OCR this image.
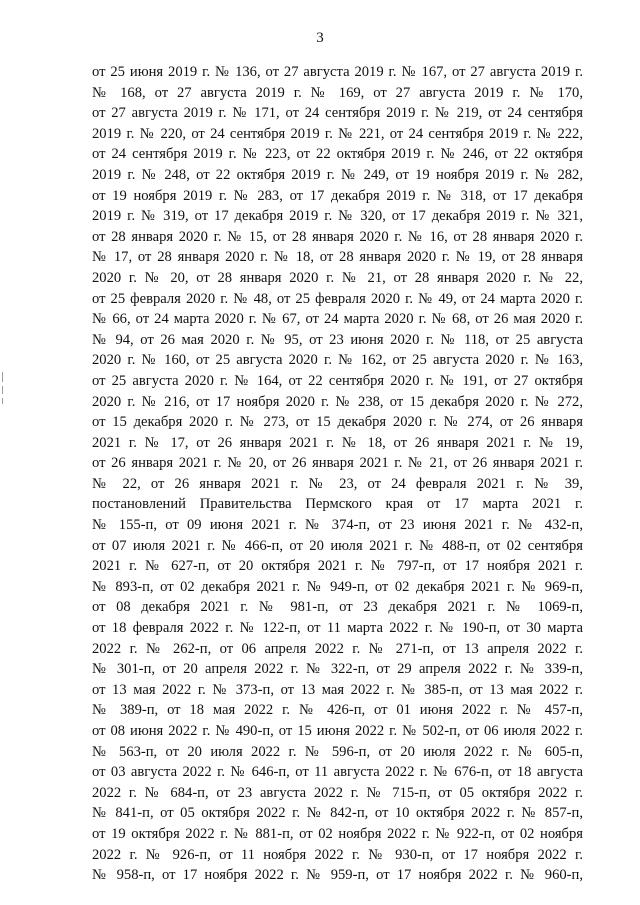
3
от 25 июня 2019 г. № 136, от 27 августа 2019 г. № 167, от 27 августа 2019 г.
№ 168, от 27 августа 2019 г. № 169, от 27 августа 2019 г. № 170,
от 27 августа 2019 г. № 171, от 24 сентября 2019 г. № 219, от 24 сентября
2019 г. № 220, от 24 сентября 2019 г. № 221, от 24 сентября 2019 г. № 222,
от 24 сентября 2019 г. № 223, от 22 октября 2019 г. № 246, от 22 октября
2019 г. № 248, от 22 октября 2019 г. № 249, от 19 ноября 2019 г. № 282,
от 19 ноября 2019 г. № 283, от 17 декабря 2019 г. № 318, от 17 декабря
2019 г. № 319, от 17 декабря 2019 г. № 320, от 17 декабря 2019 г. № 321,
от 28 января 2020 г. № 15, от 28 января 2020 г. № 16, от 28 января 2020 г.
№ 17, от 28 января 2020 г. № 18, от 28 января 2020 г. № 19, от 28 января
2020 г. № 20, от 28 января 2020 г. № 21, от 28 января 2020 г. № 22,
от 25 февраля 2020 г. № 48, от 25 февраля 2020 г. № 49, от 24 марта 2020 г.
№ 66, от 24 марта 2020 г. № 67, от 24 марта 2020 г. № 68, от 26 мая 2020 г.
№ 94, от 26 мая 2020 г. № 95, от 23 июня 2020 г. № 118, от 25 августа
2020 г. № 160, от 25 августа 2020 г. № 162, от 25 августа 2020 г. № 163,
от 25 августа 2020 г. № 164, от 22 сентября 2020 г. № 191, от 27 октября
2020 г. № 216, от 17 ноября 2020 г. № 238, от 15 декабря 2020 г. № 272,
от 15 декабря 2020 г. № 273, от 15 декабря 2020 г. № 274, от 26 января
2021 г. № 17, от 26 января 2021 г. № 18, от 26 января 2021 г. № 19,
от 26 января 2021 г. № 20, от 26 января 2021 г. № 21, от 26 января 2021 г.
№ 22, от 26 января 2021 г. № 23, от 24 февраля 2021 г. № 39,
постановлений Правительства Пермского края от 17 марта 2021 г.
№ 155-п, от 09 июня 2021 г. № 374-п, от 23 июня 2021 г. № 432-п,
от 07 июля 2021 г. № 466-п, от 20 июля 2021 г. № 488-п, от 02 сентября
2021 г. № 627-п, от 20 октября 2021 г. № 797-п, от 17 ноября 2021 г.
№ 893-п, от 02 декабря 2021 г. № 949-п, от 02 декабря 2021 г. № 969-п,
от 08 декабря 2021 г. № 981-п, от 23 декабря 2021 г. № 1069-п,
от 18 февраля 2022 г. № 122-п, от 11 марта 2022 г. № 190-п, от 30 марта
2022 г. № 262-п, от 06 апреля 2022 г. № 271-п, от 13 апреля 2022 г.
№ 301-п, от 20 апреля 2022 г. № 322-п, от 29 апреля 2022 г. № 339-п,
от 13 мая 2022 г. № 373-п, от 13 мая 2022 г. № 385-п, от 13 мая 2022 г.
№ 389-п, от 18 мая 2022 г. № 426-п, от 01 июня 2022 г. № 457-п,
от 08 июня 2022 г. № 490-п, от 15 июня 2022 г. № 502-п, от 06 июля 2022 г.
№ 563-п, от 20 июля 2022 г. № 596-п, от 20 июля 2022 г. № 605-п,
от 03 августа 2022 г. № 646-п, от 11 августа 2022 г. № 676-п, от 18 августа
2022 г. № 684-п, от 23 августа 2022 г. № 715-п, от 05 октября 2022 г.
№ 841-п, от 05 октября 2022 г. № 842-п, от 10 октября 2022 г. № 857-п,
от 19 октября 2022 г. № 881-п, от 02 ноября 2022 г. № 922-п, от 02 ноября
2022 г. № 926-п, от 11 ноября 2022 г. № 930-п, от 17 ноября 2022 г.
№ 958-п, от 17 ноября 2022 г. № 959-п, от 17 ноября 2022 г. № 960-п,
